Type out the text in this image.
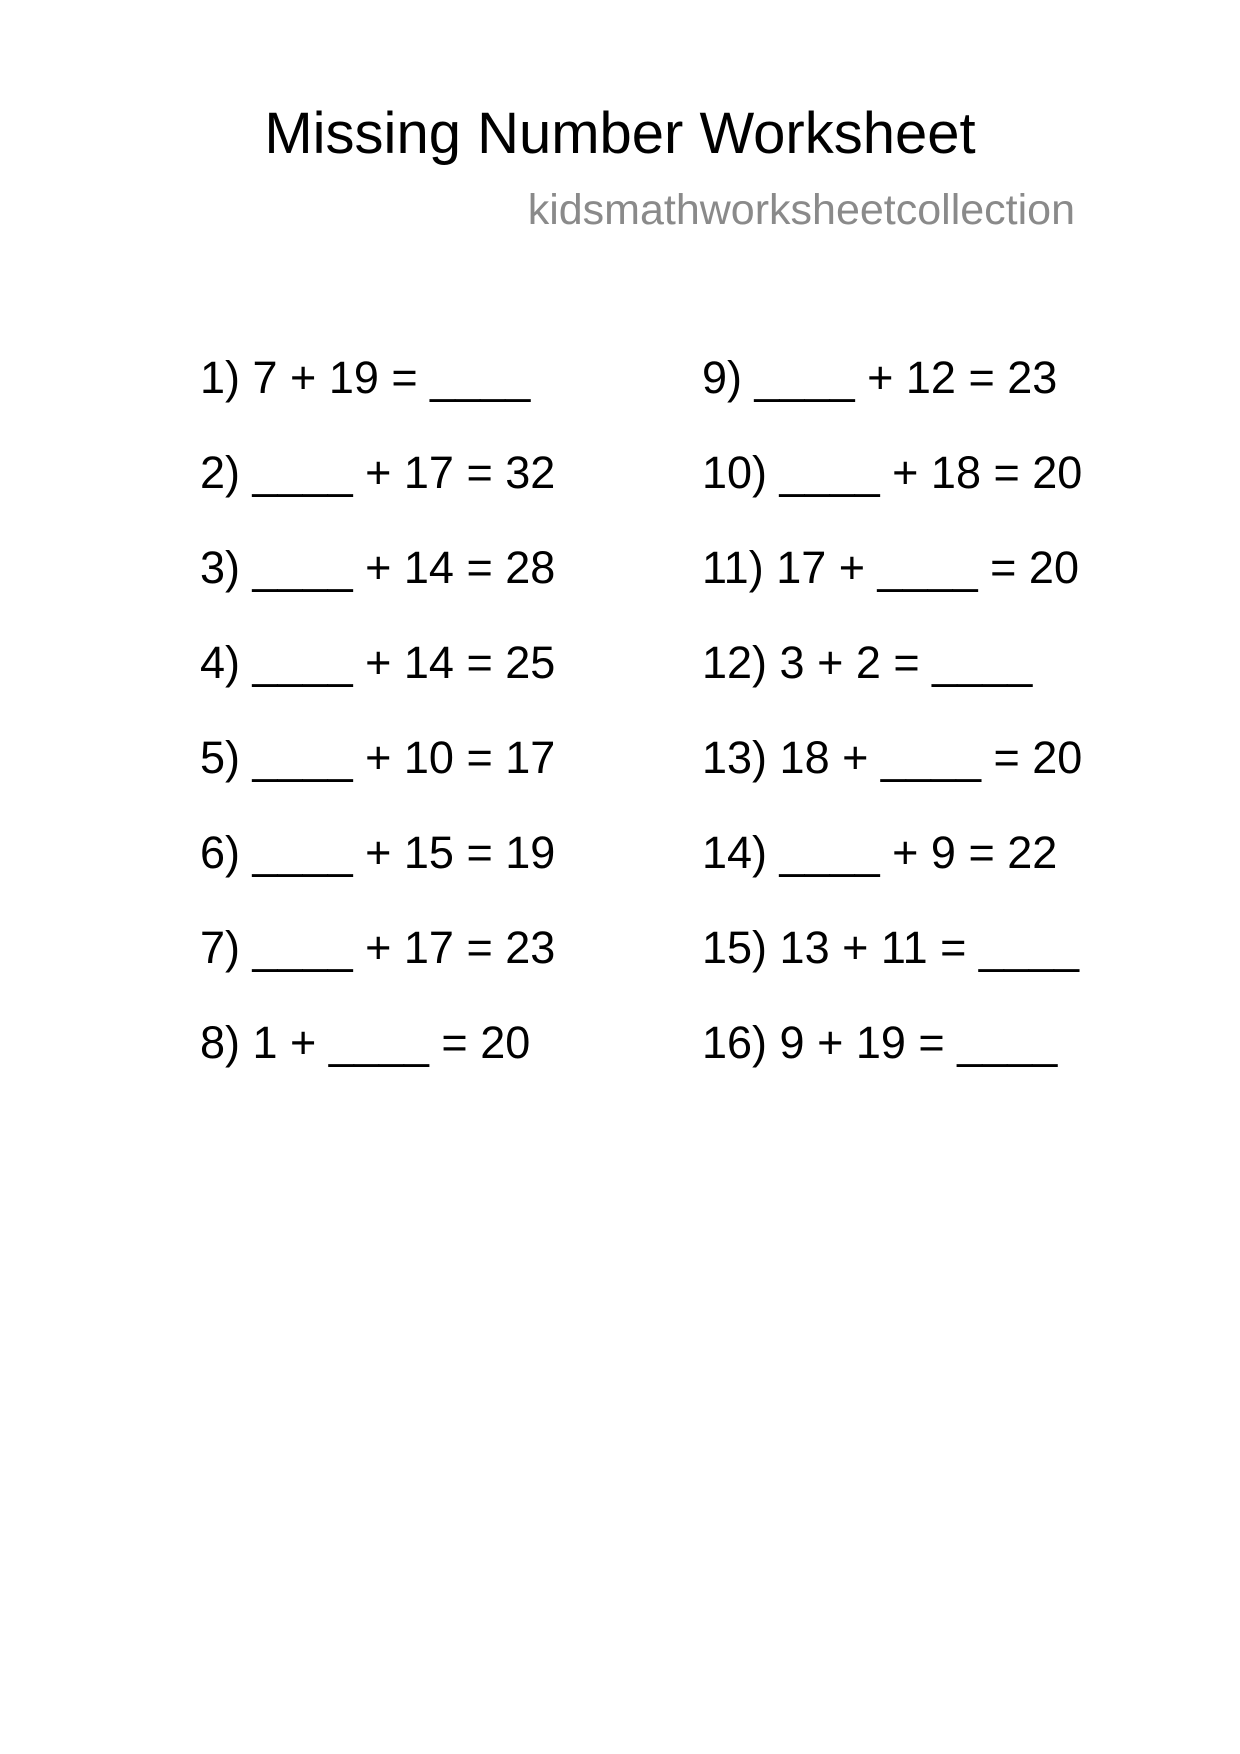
Missing Number Worksheet
kidsmathworksheetcollection
1) 7 + 19 = ____
2) ____ + 17 = 32
3) ____ + 14 = 28
4) ____ + 14 = 25
5) ____ + 10 = 17
6) ____ + 15 = 19
7) ____ + 17 = 23
8) 1 + ____ = 20
9) ____ + 12 = 23
10) ____ + 18 = 20
11) 17 + ____ = 20
12) 3 + 2 = ____
13) 18 + ____ = 20
14) ____ + 9 = 22
15) 13 + 11 = ____
16) 9 + 19 = ____
